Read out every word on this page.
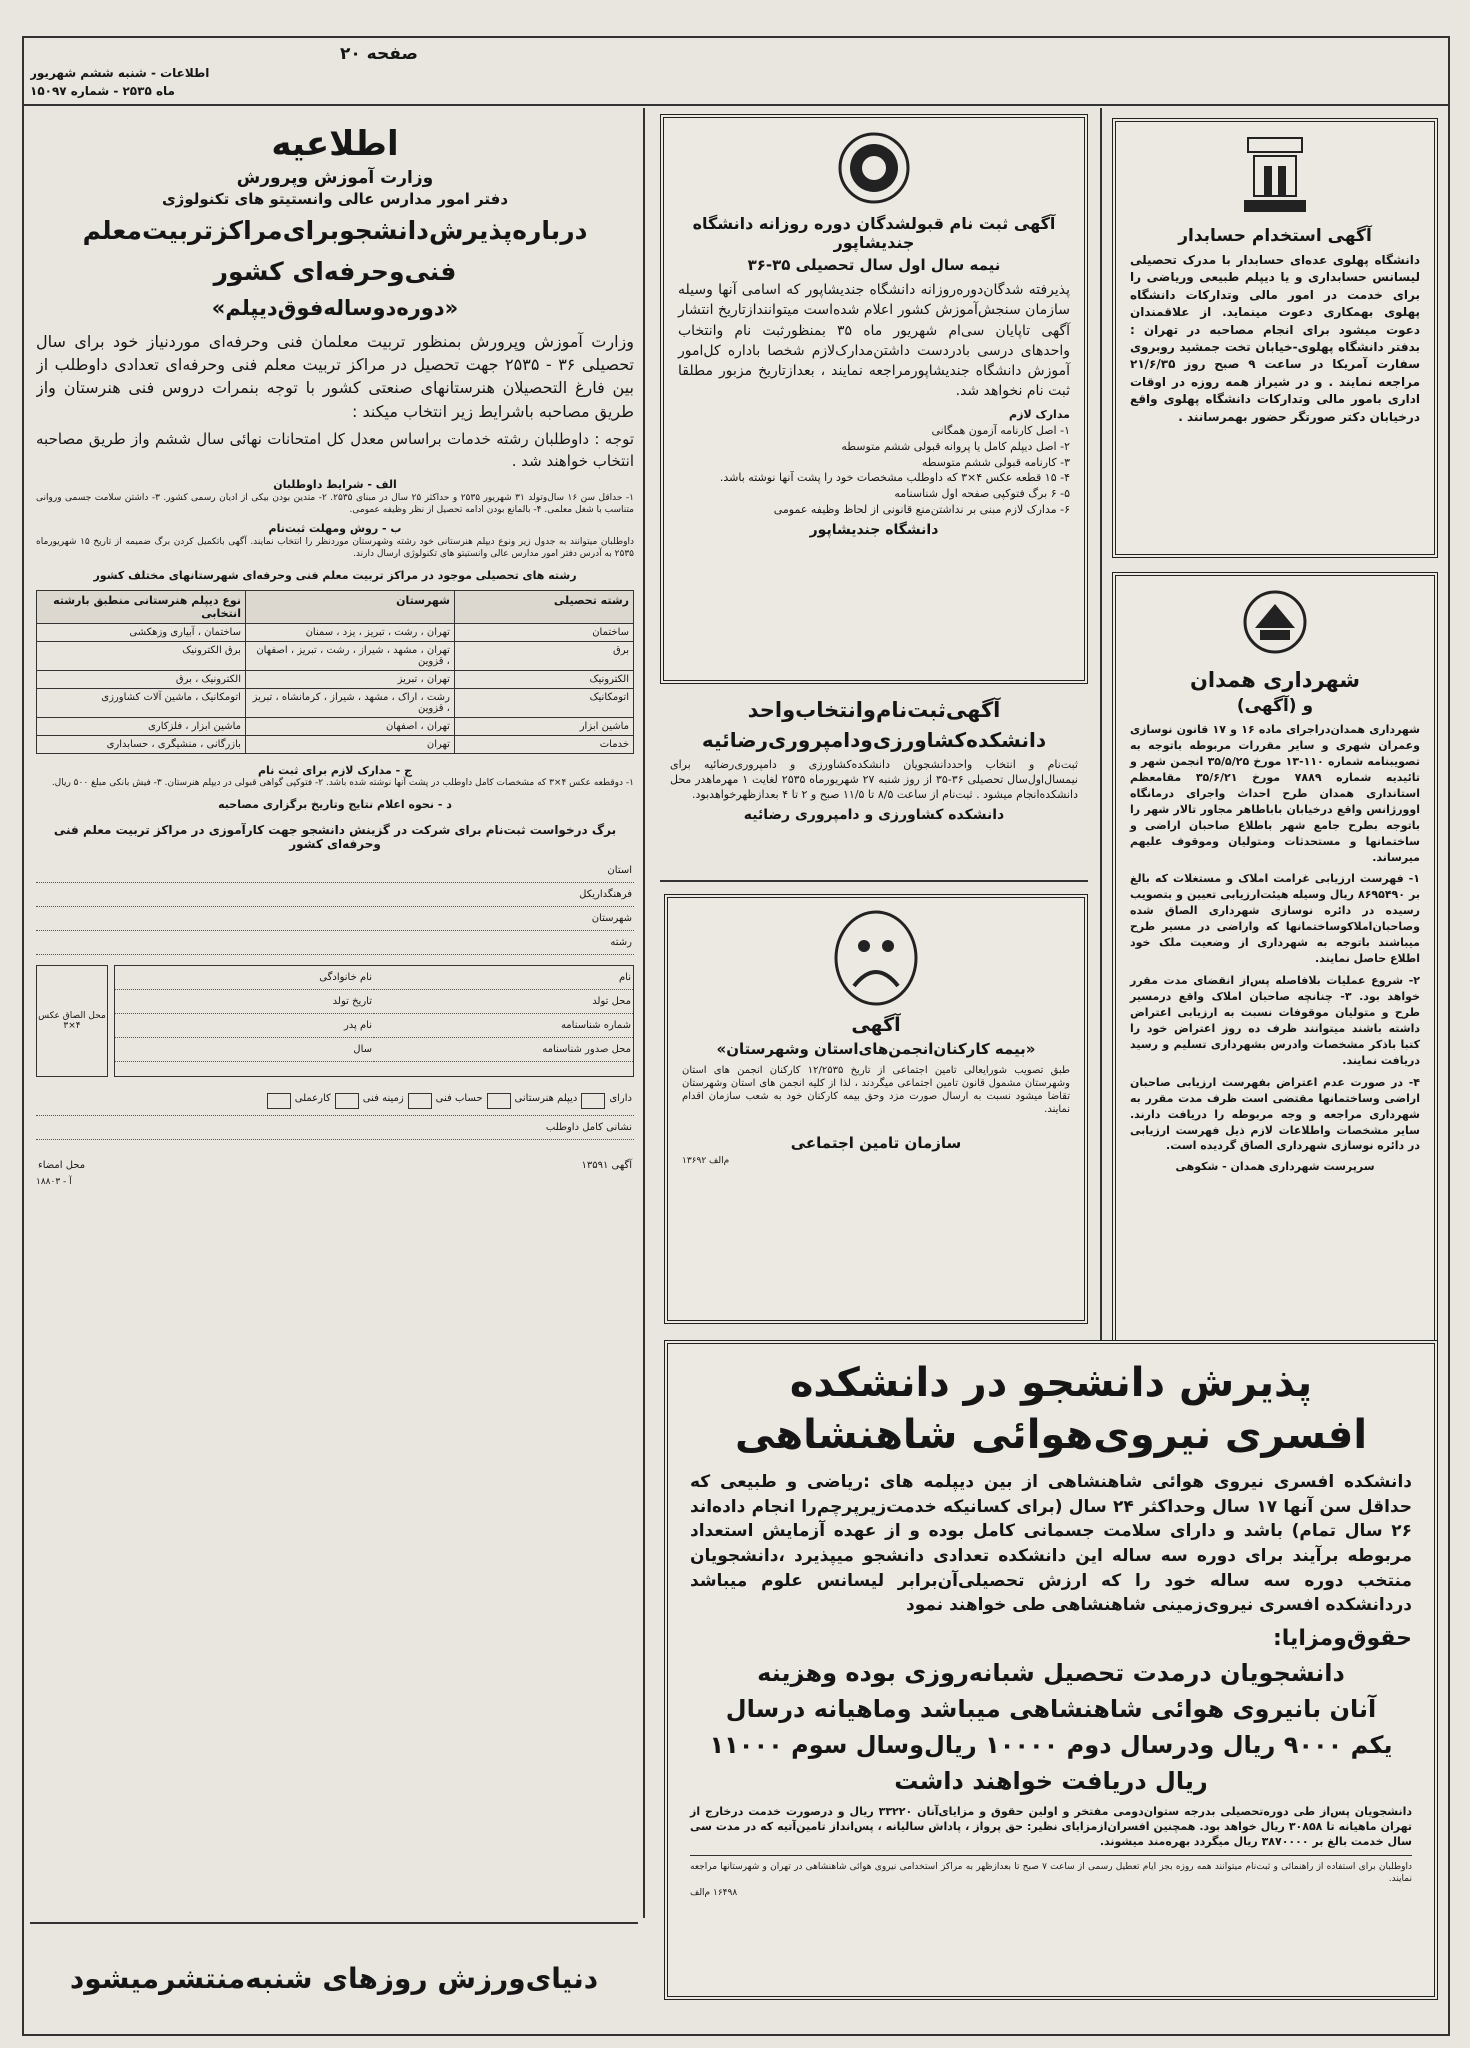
صفحه ۲۰
اطلاعات - شنبه ششم شهریور
ماه ۲۵۳۵ - شماره ۱۵۰۹۷

اطلاعیه

وزارت آموزش وپرورش

دفتر امور مدارس عالی وانستیتو های تکنولوژی

درباره‌پذیرش‌دانشجو‌برای‌مراکز‌تربیت‌معلم

فنی‌وحرفه‌ای کشور

«دوره‌دوساله‌فوق‌دیپلم»

وزارت آموزش وپرورش بمنظور تربیت معلمان فنی وحرفه‌ای موردنیاز خود برای سال تحصیلی ۳۶ - ۲۵۳۵ جهت تحصیل در مراکز تربیت معلم فنی وحرفه‌ای تعدادی داوطلب از بین فارغ التحصیلان هنرستانهای صنعتی کشور با توجه بنمرات دروس فنی هنرستان واز طریق مصاحبه باشرایط زیر انتخاب میکند :

توجه : داوطلبان رشته خدمات براساس معدل کل امتحانات نهائی سال ششم واز طریق مصاحبه انتخاب خواهند شد .

الف - شرایط داوطلبان

۱- حداقل سن ۱۶ سال‌وتولد ۳۱ شهریور ۲۵۳۵ و حداکثر ۲۵ سال در مبنای ۲۵۳۵. ۲- متدین بودن بیکی از ادیان رسمی کشور. ۳- داشتن سلامت جسمی وروانی متناسب با شغل معلمی. ۴- بالمانع بودن ادامه تحصیل از نظر وظیفه عمومی.

ب - روش ومهلت ثبت‌نام

داوطلبان میتوانند به جدول زیر ونوع دیپلم هنرستانی خود رشته وشهرستان موردنظر را انتخاب نمایند. آگهی باتکمیل کردن برگ ضمیمه از تاریخ ۱۵ شهریورماه ۲۵۳۵ به آدرس دفتر امور مدارس عالی وانستیتو های تکنولوژی ارسال دارند.

رشته های تحصیلی موجود در مراکز تربیت معلم فنی وحرفه‌ای شهرستانهای مختلف کشور

رشته تحصیلی	شهرستان	نوع دیپلم هنرستانی منطبق بارشته انتخابی
ساختمان	تهران ، رشت ، تبریز ، یزد ، سمنان	ساختمان ، آبیاری وزهکشی
برق	تهران ، مشهد ، شیراز ، رشت ، تبریز ، اصفهان ، قزوین	برق الکترونیک
الکترونیک	تهران ، تبریز	الکترونیک ، برق
اتومکانیک	رشت ، اراک ، مشهد ، شیراز ، کرمانشاه ، تبریز ، قزوین	اتومکانیک ، ماشین آلات کشاورزی
ماشین ابزار	تهران ، اصفهان	ماشین ابزار ، فلزکاری
خدمات	تهران	بازرگانی ، منشیگری ، حسابداری

ج - مدارک لازم برای ثبت نام

۱- دوقطعه عکس ۴×۳ که مشخصات کامل داوطلب در پشت آنها نوشته شده باشد. ۲- فتوکپی گواهی قبولی در دیپلم هنرستان. ۳- فیش بانکی مبلغ ۵۰۰ ریال.

د - نحوه اعلام نتایج وتاریخ برگزاری مصاحبه

برگ درخواست ثبت‌نام برای شرکت در گزینش دانشجو جهت کارآموزی در مراکز تربیت معلم فنی وحرفه‌ای کشور

استان
فرهنگداریکل
شهرستان
رشته
نام
نام خانوادگی
محل تولد
تاریخ تولد
شماره شناسنامه
نام پدر
محل صدور شناسنامه
سال
محل الصاق عکس ۴×۳
دارای
دیپلم هنرستانی
حساب فنی
زمینه فنی
کارعملی
نشانی کامل داوطلب
آگهی ۱۳۵۹۱
محل امضاء
آ - ۱۸۸۰۳
دنیای‌ورزش روزهای شنبه‌منتشرمیشود

آگهی ثبت نام قبولشدگان دوره روزانه دانشگاه

جندیشاپور

نیمه سال اول سال تحصیلی ۳۵-۳۶

پذیرفته شدگان‌دوره‌روزانه دانشگاه جندیشاپور که اسامی آنها وسیله سازمان سنجش‌آموزش کشور اعلام شده‌است میتوانند‌از‌تاریخ انتشار آگهی تاپایان سی‌ام شهریور ماه ۳۵ بمنظور‌ثبت نام وانتخاب واحدهای درسی بادردست داشتن‌مدارک‌لازم شخصا باداره کل‌امور آموزش دانشگاه جندیشاپورمراجعه نمایند ، بعدازتاریخ مزبور مطلقا ثبت نام نخواهد شد.

مدارک لازم

۱- اصل کارنامه آزمون همگانی
۲- اصل دیپلم کامل یا پروانه قبولی ششم متوسطه
۳- کارنامه قبولی ششم متوسطه
۴- ۱۵ قطعه عکس ۴×۳ که داوطلب مشخصات خود را پشت آنها نوشته باشد.
۵- ۶ برگ فتوکپی صفحه اول شناسنامه
۶- مدارک لازم مبنی بر نداشتن‌منع قانونی از لحاظ وظیفه عمومی

دانشگاه جندیشاپور

آگهی‌ثبت‌نام‌وانتخاب‌واحد

دانشکده‌کشاورزی‌ودامپروری‌رضائیه

ثبت‌نام و انتخاب واحددانشجویان دانشکده‌کشاورزی و دامپروری‌رضائیه برای نیمسال‌اول‌سال تحصیلی ۳۶-۳۵ از روز شنبه ۲۷ شهریورماه ۲۵۳۵ لغایت ۱ مهرماهدر محل دانشکده‌انجام میشود . ثبت‌نام از ساعت ۸/۵ تا ۱۱/۵ صبح و ۲ تا ۴ بعدازظهرخواهدبود.

دانشکده کشاورزی و دامپروری رضائیه

آگهی

«بیمه کارکنان‌انجمن‌های‌استان وشهرستان»

طبق تصویب شورایعالی تامین اجتماعی از تاریخ ۱۲/۲۵۳۵ کارکنان انجمن های استان وشهرستان مشمول قانون تامین اجتماعی میگردند ، لذا از کلیه انجمن های استان وشهرستان تقاضا میشود نسبت به ارسال صورت مزد وحق بیمه کارکنان خود به شعب سازمان اقدام نمایند.

سازمان تامین اجتماعی

م‌الف ۱۳۶۹۲

آگهی استخدام حسابدار

دانشگاه پهلوی عده‌ای حسابدار با مدرک تحصیلی لیسانس حسابداری و یا دیپلم طبیعی وریاضی را برای خدمت در امور مالی وتدارکات دانشگاه پهلوی بهمکاری دعوت مینماید. از علاقمندان دعوت میشود برای انجام مصاحبه در تهران : بدفتر دانشگاه پهلوی-خیابان تخت جمشید روبروی سفارت آمریکا در ساعت ۹ صبح روز ۲۱/۶/۳۵ مراجعه نمایند . و در شیراز همه روزه در اوقات اداری بامور مالی وتدارکات دانشگاه پهلوی واقع درخیابان دکتر صورتگر حضور بهمرسانند .

شهرداری همدان

و (آگهی)

شهرداری همدان‌دراجرای ماده ۱۶ و ۱۷ قانون نوسازی وعمران شهری و سایر مقررات مربوطه باتوجه به تصویبنامه شماره ۱۱۰-۱۳ مورخ ۳۵/۵/۲۵ انجمن شهر و تائیدیه شماره ۷۸۸۹ مورخ ۳۵/۶/۲۱ مقامعظم استانداری همدان طرح احداث واجرای درمانگاه اوورژانس واقع درخیابان باباطاهر مجاور تالار شهر را باتوجه بطرح جامع شهر باطلاع صاحبان اراضی و ساختمانها و مستحدثات ومتولیان وموقوف علیهم میرساند.

۱- فهرست ارزیابی غرامت املاک و مستغلات که بالغ بر ۸۶۹۵۴۹۰ ریال وسیله هیئت‌ارزیابی تعیین و بتصویب رسیده در دائره نوسازی شهرداری الصاق شده وصاحبان‌املاکوساختمانها که واراضی در مسیر طرح میباشند باتوجه به شهرداری از وضعیت ملک خود اطلاع حاصل نمایند.

۲- شروع عملیات بلافاصله پس‌از انقضای مدت مقرر خواهد بود. ۳- چنانچه صاحبان املاک واقع درمسیر طرح و متولیان موقوفات نسبت به ارزیابی اعتراض داشته باشند میتوانند ظرف ده روز اعتراض خود را کتبا باذکر مشخصات وادرس بشهرداری تسلیم و رسید دریافت نمایند.

۴- در صورت عدم اعتراض بفهرست ارزیابی صاحبان اراضی وساختمانها مقتضی است ظرف مدت مقرر به شهرداری مراجعه و وجه مربوطه را دریافت دارند. سایر مشخصات واطلاعات لازم ذیل فهرست ارزیابی در دائره نوسازی شهرداری الصاق گردیده است.

سرپرست شهرداری همدان - شکوهی

پذیرش دانشجو در دانشکده

افسری نیروی‌هوائی شاهنشاهی

دانشکده افسری نیروی هوائی شاهنشاهی از بین دیپلمه های :ریاضی و طبیعی که حداقل سن آنها ۱۷ سال وحداکثر ۲۴ سال (برای کسانیکه خدمت‌زیرپرچم‌را انجام داده‌اند ۲۶ سال تمام) باشد و دارای سلامت جسمانی کامل بوده و از عهده آزمایش استعداد مربوطه برآیند برای دوره سه ساله این دانشکده تعدادی دانشجو میپذیرد ،دانشجویان منتخب دوره سه ساله خود را که ارزش تحصیلی‌آن‌برابر لیسانس علوم میباشد دردانشکده افسری نیروی‌زمینی شاهنشاهی طی خواهند نمود

حقوق‌ومزایا:

دانشجویان درمدت تحصیل شبانه‌روزی بوده وهزینه

آنان بانیروی هوائی شاهنشاهی میباشد وماهیانه درسال

یکم ۹۰۰۰ ریال ودرسال دوم ۱۰۰۰۰ ریال‌وسال سوم ۱۱۰۰۰

ریال دریافت خواهند داشت

دانشجویان پس‌از طی دوره‌تحصیلی بدرجه ستوان‌دومی مفتخر و اولین حقوق و مزایای‌آنان ۳۳۲۲۰ ریال و درصورت خدمت درخارج از تهران ماهیانه تا ۳۰۸۵۸ ریال خواهد بود. همچنین افسران‌ازمزایای نظیر: حق پرواز ، پاداش سالیانه ، پس‌انداز تامین‌آتیه که در مدت سی سال خدمت بالغ بر ۳۸۷۰۰۰۰ ریال میگردد بهره‌مند میشوند.

داوطلبان برای استفاده از راهنمائی و ثبت‌نام میتوانند همه روزه بجز ایام تعطیل رسمی از ساعت ۷ صبح تا بعدازظهر به مراکز استخدامی نیروی هوائی شاهنشاهی در تهران و شهرستانها مراجعه نمایند.

۱۶۴۹۸ م‌الف
